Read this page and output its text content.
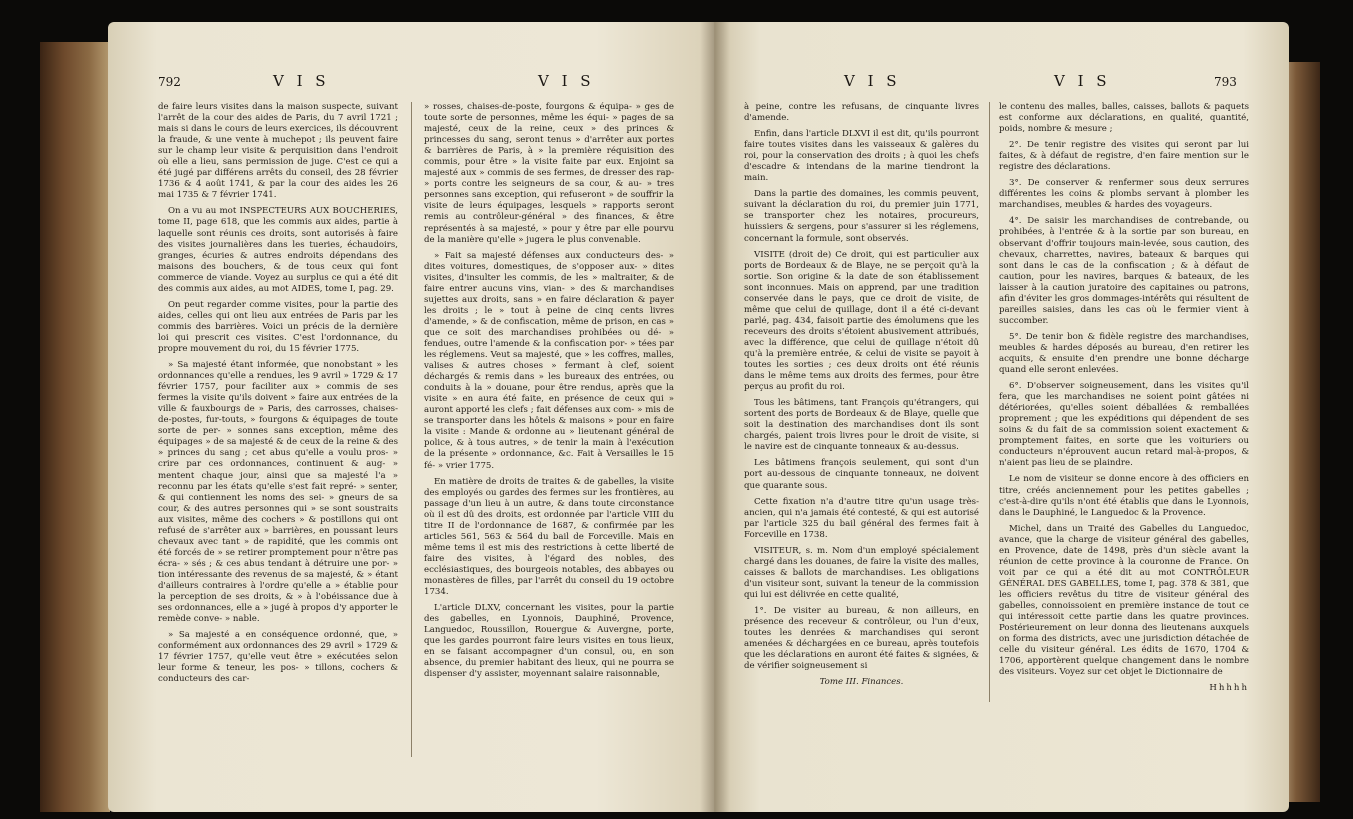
792	V I S	V I S

de faire leurs visites dans la maison suspecte, suivant l'arrêt de la cour des aides de Paris, du 7 avril 1721 ; mais si dans le cours de leurs exercices, ils découvrent la fraude, & une vente à muchepot ; ils peuvent faire sur le champ leur visite & perquisition dans l'endroit où elle a lieu, sans permission de juge. C'est ce qui a été jugé par différens arrêts du conseil, des 28 février 1736 & 4 août 1741, & par la cour des aides les 26 mai 1735 & 7 février 1741.

On a vu au mot INSPECTEURS AUX BOUCHERIES, tome II, page 618, que les commis aux aides, partie à laquelle sont réunis ces droits, sont autorisés à faire des visites journalières dans les tueries, échaudoirs, granges, écuries & autres endroits dépendans des maisons des bouchers, & de tous ceux qui font commerce de viande. Voyez au surplus ce qui a été dit des commis aux aides, au mot AIDES, tome I, pag. 29.

On peut regarder comme visites, pour la partie des aides, celles qui ont lieu aux entrées de Paris par les commis des barrières. Voici un précis de la dernière loi qui prescrit ces visites. C'est l'ordonnance, du propre mouvement du roi, du 15 février 1775.

» Sa majesté étant informée, que nonobstant » les ordonnances qu'elle a rendues, les 9 avril » 1729 & 17 février 1757, pour faciliter aux » commis de ses fermes la visite qu'ils doivent » faire aux entrées de la ville & fauxbourgs de » Paris, des carrosses, chaises-de-postes, fur-touts, » fourgons & équipages de toute sorte de per- » sonnes sans exception, même des équipages » de sa majesté & de ceux de la reine & des » princes du sang ; cet abus qu'elle a voulu pros- » crire par ces ordonnances, continuent & aug- » mentent chaque jour, ainsi que sa majesté l'a » reconnu par les états qu'elle s'est fait repré- » senter, & qui contiennent les noms des sei- » gneurs de sa cour, & des autres personnes qui » se sont soustraits aux visites, même des cochers » & postillons qui ont refusé de s'arrêter aux » barrières, en poussant leurs chevaux avec tant » de rapidité, que les commis ont été forcés de » se retirer promptement pour n'être pas écra- » sés ; & ces abus tendant à détruire une por- » tion intéressante des revenus de sa majesté, & » étant d'ailleurs contraires à l'ordre qu'elle a » établie pour la perception de ses droits, & » à l'obéissance due à ses ordonnances, elle a » jugé à propos d'y apporter le remède conve- » nable.

» Sa majesté a en conséquence ordonné, que, » conformément aux ordonnances des 29 avril » 1729 & 17 février 1757, qu'elle veut être » exécutées selon leur forme & teneur, les pos- » tillons, cochers & conducteurs des car-

» rosses, chaises-de-poste, fourgons & équipa- » ges de toute sorte de personnes, même les équi- » pages de sa majesté, ceux de la reine, ceux » des princes & princesses du sang, seront tenus » d'arrêter aux portes & barrières de Paris, à » la première réquisition des commis, pour être » la visite faite par eux. Enjoint sa majesté aux » commis de ses fermes, de dresser des rap- » ports contre les seigneurs de sa cour, & au- » tres personnes sans exception, qui refuseront » de souffrir la visite de leurs équipages, lesquels » rapports seront remis au contrôleur-général » des finances, & être représentés à sa majesté, » pour y être par elle pourvu de la manière qu'elle » jugera le plus convenable.

» Fait sa majesté défenses aux conducteurs des- » dites voitures, domestiques, de s'opposer aux- » dites visites, d'insulter les commis, de les » maltraiter, & de faire entrer aucuns vins, vian- » des & marchandises sujettes aux droits, sans » en faire déclaration & payer les droits ; le » tout à peine de cinq cents livres d'amende, » & de confiscation, même de prison, en cas » que ce soit des marchandises prohibées ou dé- » fendues, outre l'amende & la confiscation por- » tées par les réglemens. Veut sa majesté, que » les coffres, malles, valises & autres choses » fermant à clef, soient déchargés & remis dans » les bureaux des entrées, ou conduits à la » douane, pour être rendus, après que la visite » en aura été faite, en présence de ceux qui » auront apporté les clefs ; fait défenses aux com- » mis de se transporter dans les hôtels & maisons » pour en faire la visite : Mande & ordonne au » lieutenant général de police, & à tous autres, » de tenir la main à l'exécution de la présente » ordonnance, &c. Fait à Versailles le 15 fé- » vrier 1775.

En matière de droits de traites & de gabelles, la visite des employés ou gardes des fermes sur les frontières, au passage d'un lieu à un autre, & dans toute circonstance où il est dû des droits, est ordonnée par l'article VIII du titre II de l'ordonnance de 1687, & confirmée par les articles 561, 563 & 564 du bail de Forceville. Mais en même tems il est mis des restrictions à cette liberté de faire des visites, à l'égard des nobles, des ecclésiastiques, des bourgeois notables, des abbayes ou monastères de filles, par l'arrêt du conseil du 19 octobre 1734.

L'article DLXV, concernant les visites, pour la partie des gabelles, en Lyonnois, Dauphiné, Provence, Languedoc, Roussillon, Rouergue & Auvergne, porte, que les gardes pourront faire leurs visites en tous lieux, en se faisant accompagner d'un consul, ou, en son absence, du premier habitant des lieux, qui ne pourra se dispenser d'y assister, moyennant salaire raisonnable,

V I S	V I S	793

à peine, contre les refusans, de cinquante livres d'amende.

Enfin, dans l'article DLXVI il est dit, qu'ils pourront faire toutes visites dans les vaisseaux & galères du roi, pour la conservation des droits ; à quoi les chefs d'escadre & intendans de la marine tiendront la main.

Dans la partie des domaines, les commis peuvent, suivant la déclaration du roi, du premier juin 1771, se transporter chez les notaires, procureurs, huissiers & sergens, pour s'assurer si les réglemens, concernant la formule, sont observés.

VISITE (droit de) Ce droit, qui est particulier aux ports de Bordeaux & de Blaye, ne se perçoit qu'à la sortie. Son origine & la date de son établissement sont inconnues. Mais on apprend, par une tradition conservée dans le pays, que ce droit de visite, de même que celui de quillage, dont il a été ci-devant parlé, pag. 434, faisoit partie des émolumens que les receveurs des droits s'étoient abusivement attribués, avec la différence, que celui de quillage n'étoit dû qu'à la première entrée, & celui de visite se payoit à toutes les sorties ; ces deux droits ont été réunis dans le même tems aux droits des fermes, pour être perçus au profit du roi.

Tous les bâtimens, tant François qu'étrangers, qui sortent des ports de Bordeaux & de Blaye, quelle que soit la destination des marchandises dont ils sont chargés, paient trois livres pour le droit de visite, si le navire est de cinquante tonneaux & au-dessus.

Les bâtimens françois seulement, qui sont d'un port au-dessous de cinquante tonneaux, ne doivent que quarante sous.

Cette fixation n'a d'autre titre qu'un usage très-ancien, qui n'a jamais été contesté, & qui est autorisé par l'article 325 du bail général des fermes fait à Forceville en 1738.

VISITEUR, s. m. Nom d'un employé spécialement chargé dans les douanes, de faire la visite des malles, caisses & ballots de marchandises. Les obligations d'un visiteur sont, suivant la teneur de la commission qui lui est délivrée en cette qualité,

1°. De visiter au bureau, & non ailleurs, en présence des receveur & contrôleur, ou l'un d'eux, toutes les denrées & marchandises qui seront amenées & déchargées en ce bureau, après toutefois que les déclarations en auront été faites & signées, & de vérifier soigneusement si

Tome III. Finances.

le contenu des malles, balles, caisses, ballots & paquets est conforme aux déclarations, en qualité, quantité, poids, nombre & mesure ;

2°. De tenir registre des visites qui seront par lui faites, & à défaut de registre, d'en faire mention sur le registre des déclarations.

3°. De conserver & renfermer sous deux serrures différentes les coins & plombs servant à plomber les marchandises, meubles & hardes des voyageurs.

4°. De saisir les marchandises de contrebande, ou prohibées, à l'entrée & à la sortie par son bureau, en observant d'offrir toujours main-levée, sous caution, des chevaux, charrettes, navires, bateaux & barques qui sont dans le cas de la confiscation ; & à défaut de caution, pour les navires, barques & bateaux, de les laisser à la caution juratoire des capitaines ou patrons, afin d'éviter les gros dommages-intérêts qui résultent de pareilles saisies, dans les cas où le fermier vient à succomber.

5°. De tenir bon & fidèle registre des marchandises, meubles & hardes déposés au bureau, d'en retirer les acquits, & ensuite d'en prendre une bonne décharge quand elle seront enlevées.

6°. D'observer soigneusement, dans les visites qu'il fera, que les marchandises ne soient point gâtées ni détériorées, qu'elles soient déballées & remballées proprement ; que les expéditions qui dépendent de ses soins & du fait de sa commission soient exactement & promptement faites, en sorte que les voituriers ou conducteurs n'éprouvent aucun retard mal-à-propos, & n'aient pas lieu de se plaindre.

Le nom de visiteur se donne encore à des officiers en titre, créés anciennement pour les petites gabelles ; c'est-à-dire qu'ils n'ont été établis que dans le Lyonnois, dans le Dauphiné, le Languedoc & la Provence.

Michel, dans un Traité des Gabelles du Languedoc, avance, que la charge de visiteur général des gabelles, en Provence, date de 1498, près d'un siècle avant la réunion de cette province à la couronne de France. On voit par ce qui a été dit au mot CONTRÔLEUR GÉNÉRAL DES GABELLES, tome I, pag. 378 & 381, que les officiers revêtus du titre de visiteur général des gabelles, connoissoient en première instance de tout ce qui intéressoit cette partie dans les quatre provinces. Postérieurement on leur donna des lieutenans auxquels on forma des districts, avec une jurisdiction détachée de celle du visiteur général. Les édits de 1670, 1704 & 1706, apportèrent quelque changement dans le nombre des visiteurs. Voyez sur cet objet le Dictionnaire de

Hhhhh
